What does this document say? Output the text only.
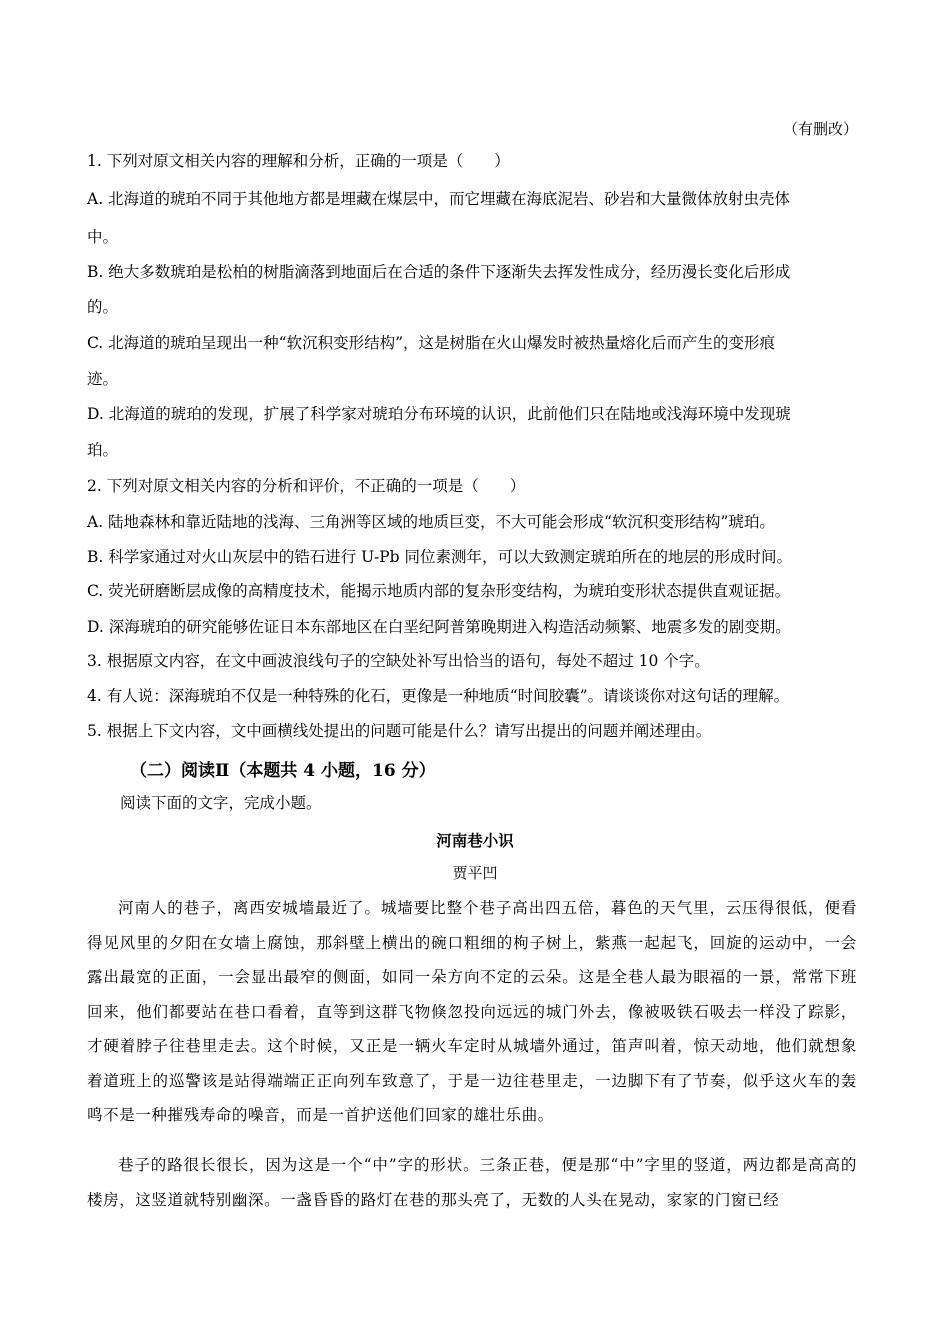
（有删改）
1. 下列对原文相关内容的理解和分析，正确的一项是（　　）
A. 北海道的琥珀不同于其他地方都是埋藏在煤层中，而它埋藏在海底泥岩、砂岩和大量微体放射虫壳体
中。
B. 绝大多数琥珀是松柏的树脂滴落到地面后在合适的条件下逐渐失去挥发性成分，经历漫长变化后形成
的。
C. 北海道的琥珀呈现出一种“软沉积变形结构”，这是树脂在火山爆发时被热量熔化后而产生的变形痕
迹。
D. 北海道的琥珀的发现，扩展了科学家对琥珀分布环境的认识，此前他们只在陆地或浅海环境中发现琥
珀。
2. 下列对原文相关内容的分析和评价，不正确的一项是（　　）
A. 陆地森林和靠近陆地的浅海、三角洲等区域的地质巨变，不大可能会形成“软沉积变形结构”琥珀。
B. 科学家通过对火山灰层中的锆石进行 U-Pb 同位素测年，可以大致测定琥珀所在的地层的形成时间。
C. 荧光研磨断层成像的高精度技术，能揭示地质内部的复杂形变结构，为琥珀变形状态提供直观证据。
D. 深海琥珀的研究能够佐证日本东部地区在白垩纪阿普第晚期进入构造活动频繁、地震多发的剧变期。
3. 根据原文内容，在文中画波浪线句子的空缺处补写出恰当的语句，每处不超过 10 个字。
4. 有人说：深海琥珀不仅是一种特殊的化石，更像是一种地质“时间胶囊”。请谈谈你对这句话的理解。
5. 根据上下文内容，文中画横线处提出的问题可能是什么？请写出提出的问题并阐述理由。
（二）阅读Ⅱ（本题共 4 小题，16 分）
阅读下面的文字，完成小题。
河南巷小识
贾平凹
河南人的巷子，离西安城墙最近了。城墙要比整个巷子高出四五倍，暮色的天气里，云压得很低，便看得见风里的夕阳在女墙上腐蚀，那斜壁上横出的碗口粗细的枸子树上，紫燕一起起飞，回旋的运动中，一会露出最宽的正面，一会显出最窄的侧面，如同一朵方向不定的云朵。这是全巷人最为眼福的一景，常常下班回来，他们都要站在巷口看着，直等到这群飞物倏忽投向远远的城门外去，像被吸铁石吸去一样没了踪影，才硬着脖子往巷里走去。这个时候，又正是一辆火车定时从城墙外通过，笛声叫着，惊天动地，他们就想象着道班上的巡警该是站得端端正正向列车致意了，于是一边往巷里走，一边脚下有了节奏，似乎这火车的轰鸣不是一种摧残寿命的噪音，而是一首护送他们回家的雄壮乐曲。
巷子的路很长很长，因为这是一个“中”字的形状。三条正巷，便是那“中”字里的竖道，两边都是高高的楼房，这竖道就特别幽深。一盏昏昏的路灯在巷的那头亮了，无数的人头在晃动，家家的门窗已经
